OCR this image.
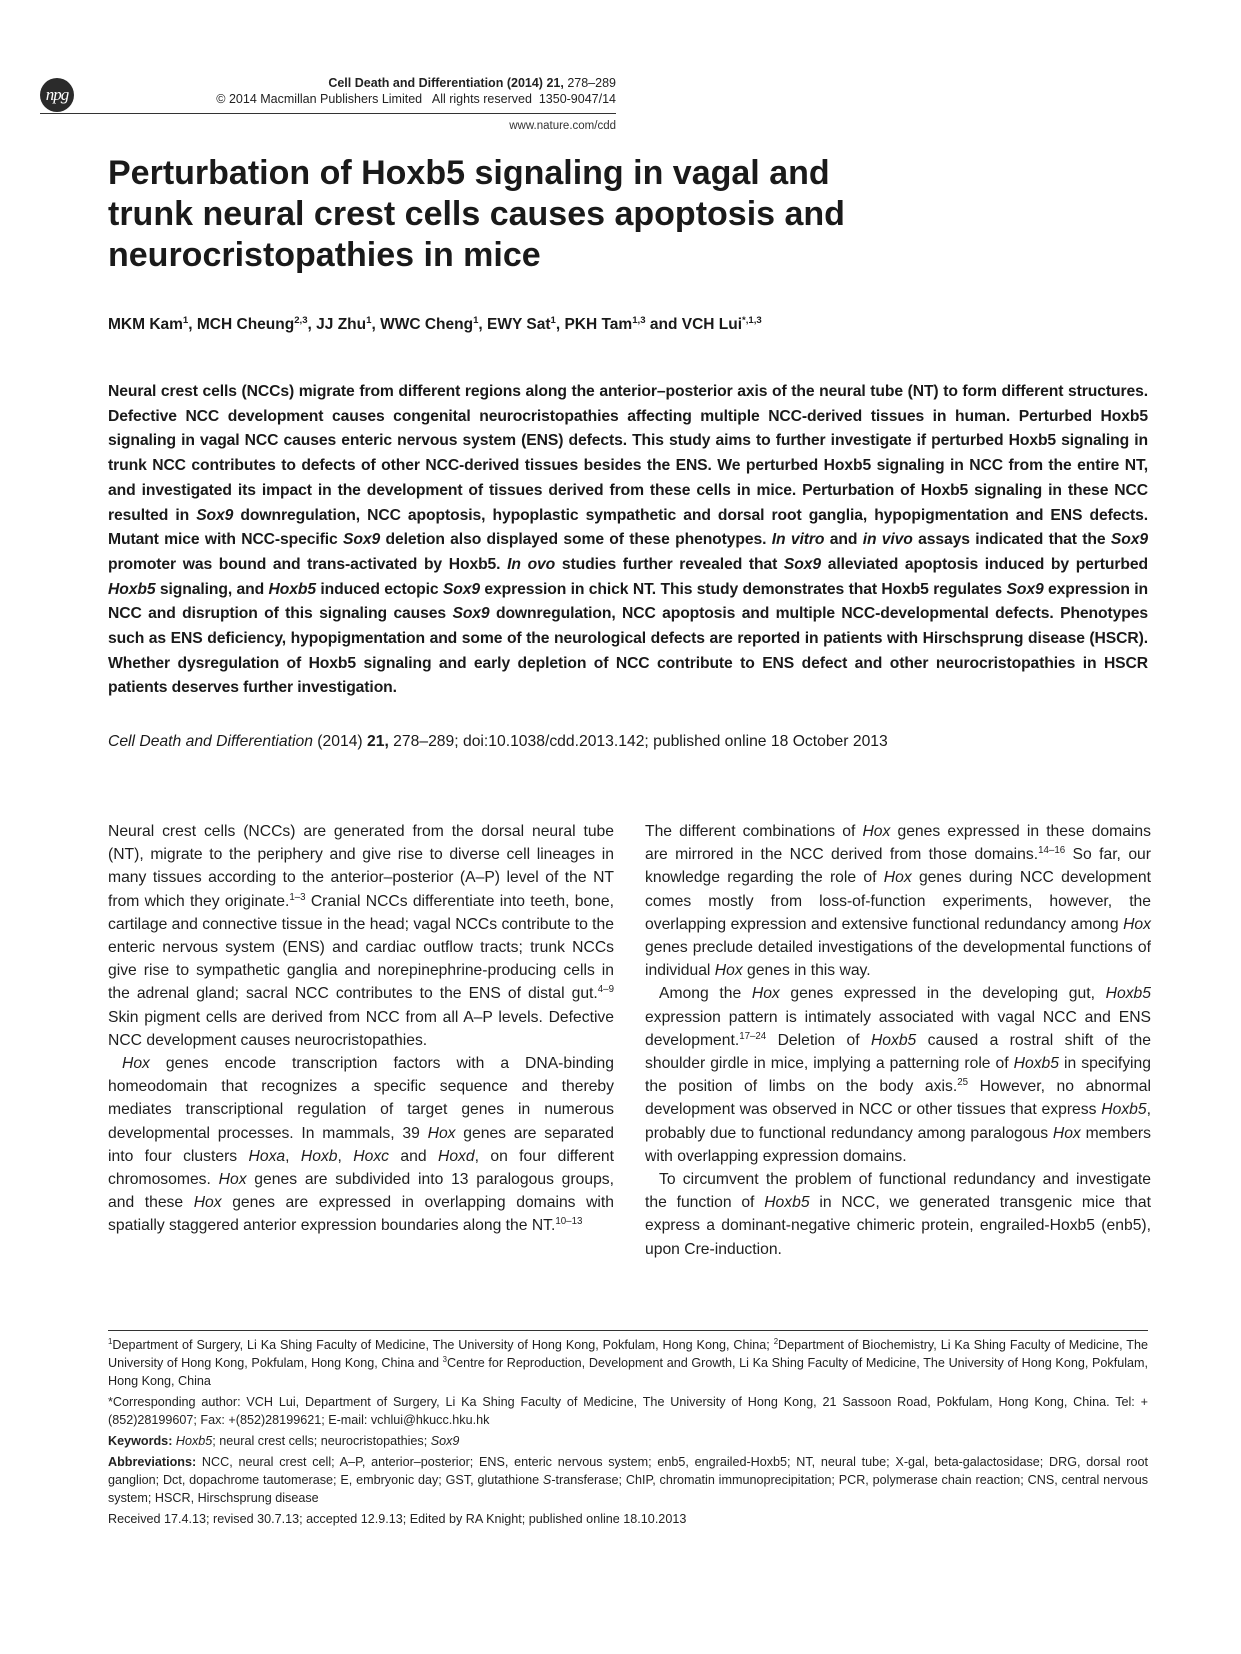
npg
Cell Death and Differentiation (2014) 21, 278–289
© 2014 Macmillan Publishers Limited   All rights reserved  1350-9047/14
www.nature.com/cdd
Perturbation of Hoxb5 signaling in vagal and
trunk neural crest cells causes apoptosis and
neurocristopathies in mice
MKM Kam$^1$, MCH Cheung$^{2,3}$, JJ Zhu$^1$, WWC Cheng$^1$, EWY Sat$^1$, PKH Tam$^{1,3}$ and VCH Lui$^{*,1,3}$

Neural crest cells (NCCs) migrate from different regions along the anterior–posterior axis of the neural tube (NT) to form different structures. Defective NCC development causes congenital neurocristopathies affecting multiple NCC-derived tissues in human. Perturbed Hoxb5 signaling in vagal NCC causes enteric nervous system (ENS) defects. This study aims to further investigate if perturbed Hoxb5 signaling in trunk NCC contributes to defects of other NCC-derived tissues besides the ENS. We perturbed Hoxb5 signaling in NCC from the entire NT, and investigated its impact in the development of tissues derived from these cells in mice. Perturbation of Hoxb5 signaling in these NCC resulted in Sox9 downregulation, NCC apoptosis, hypoplastic sympathetic and dorsal root ganglia, hypopigmentation and ENS defects. Mutant mice with NCC-specific Sox9 deletion also displayed some of these phenotypes. In vitro and in vivo assays indicated that the Sox9 promoter was bound and trans-activated by Hoxb5. In ovo studies further revealed that Sox9 alleviated apoptosis induced by perturbed Hoxb5 signaling, and Hoxb5 induced ectopic Sox9 expression in chick NT. This study demonstrates that Hoxb5 regulates Sox9 expression in NCC and disruption of this signaling causes Sox9 downregulation, NCC apoptosis and multiple NCC-developmental defects. Phenotypes such as ENS deficiency, hypopigmentation and some of the neurological defects are reported in patients with Hirschsprung disease (HSCR). Whether dysregulation of Hoxb5 signaling and early depletion of NCC contribute to ENS defect and other neurocristopathies in HSCR patients deserves further investigation.

Cell Death and Differentiation (2014) 21, 278–289; doi:10.1038/cdd.2013.142; published online 18 October 2013

Neural crest cells (NCCs) are generated from the dorsal neural tube (NT), migrate to the periphery and give rise to diverse cell lineages in many tissues according to the anterior–posterior (A–P) level of the NT from which they originate.$^{1-3}$ Cranial NCCs differentiate into teeth, bone, cartilage and connective tissue in the head; vagal NCCs contribute to the enteric nervous system (ENS) and cardiac outflow tracts; trunk NCCs give rise to sympathetic ganglia and norepinephrine-producing cells in the adrenal gland; sacral NCC contributes to the ENS of distal gut.$^{4-9}$ Skin pigment cells are derived from NCC from all A–P levels. Defective NCC development causes neurocristopathies.

Hox genes encode transcription factors with a DNA-binding homeodomain that recognizes a specific sequence and thereby mediates transcriptional regulation of target genes in numerous developmental processes. In mammals, 39 Hox genes are separated into four clusters Hoxa, Hoxb, Hoxc and Hoxd, on four different chromosomes. Hox genes are subdivided into 13 paralogous groups, and these Hox genes are expressed in overlapping domains with spatially staggered anterior expression boundaries along the NT.$^{10-13}$

The different combinations of Hox genes expressed in these domains are mirrored in the NCC derived from those domains.$^{14-16}$ So far, our knowledge regarding the role of Hox genes during NCC development comes mostly from loss-of-function experiments, however, the overlapping expression and extensive functional redundancy among Hox genes preclude detailed investigations of the developmental functions of individual Hox genes in this way.

Among the Hox genes expressed in the developing gut, Hoxb5 expression pattern is intimately associated with vagal NCC and ENS development.$^{17-24}$ Deletion of Hoxb5 caused a rostral shift of the shoulder girdle in mice, implying a patterning role of Hoxb5 in specifying the position of limbs on the body axis.$^{25}$ However, no abnormal development was observed in NCC or other tissues that express Hoxb5, probably due to functional redundancy among paralogous Hox members with overlapping expression domains.

To circumvent the problem of functional redundancy and investigate the function of Hoxb5 in NCC, we generated transgenic mice that express a dominant-negative chimeric protein, engrailed-Hoxb5 (enb5), upon Cre-induction.

$^1$Department of Surgery, Li Ka Shing Faculty of Medicine, The University of Hong Kong, Pokfulam, Hong Kong, China; $^2$Department of Biochemistry, Li Ka Shing Faculty of Medicine, The University of Hong Kong, Pokfulam, Hong Kong, China and $^3$Centre for Reproduction, Development and Growth, Li Ka Shing Faculty of Medicine, The University of Hong Kong, Pokfulam, Hong Kong, China

*Corresponding author: VCH Lui, Department of Surgery, Li Ka Shing Faculty of Medicine, The University of Hong Kong, 21 Sassoon Road, Pokfulam, Hong Kong, China. Tel: +(852)28199607; Fax: +(852)28199621; E-mail: vchlui@hkucc.hku.hk

Keywords: Hoxb5; neural crest cells; neurocristopathies; Sox9

Abbreviations: NCC, neural crest cell; A–P, anterior–posterior; ENS, enteric nervous system; enb5, engrailed-Hoxb5; NT, neural tube; X-gal, beta-galactosidase; DRG, dorsal root ganglion; Dct, dopachrome tautomerase; E, embryonic day; GST, glutathione S-transferase; ChIP, chromatin immunoprecipitation; PCR, polymerase chain reaction; CNS, central nervous system; HSCR, Hirschsprung disease

Received 17.4.13; revised 30.7.13; accepted 12.9.13; Edited by RA Knight; published online 18.10.2013
